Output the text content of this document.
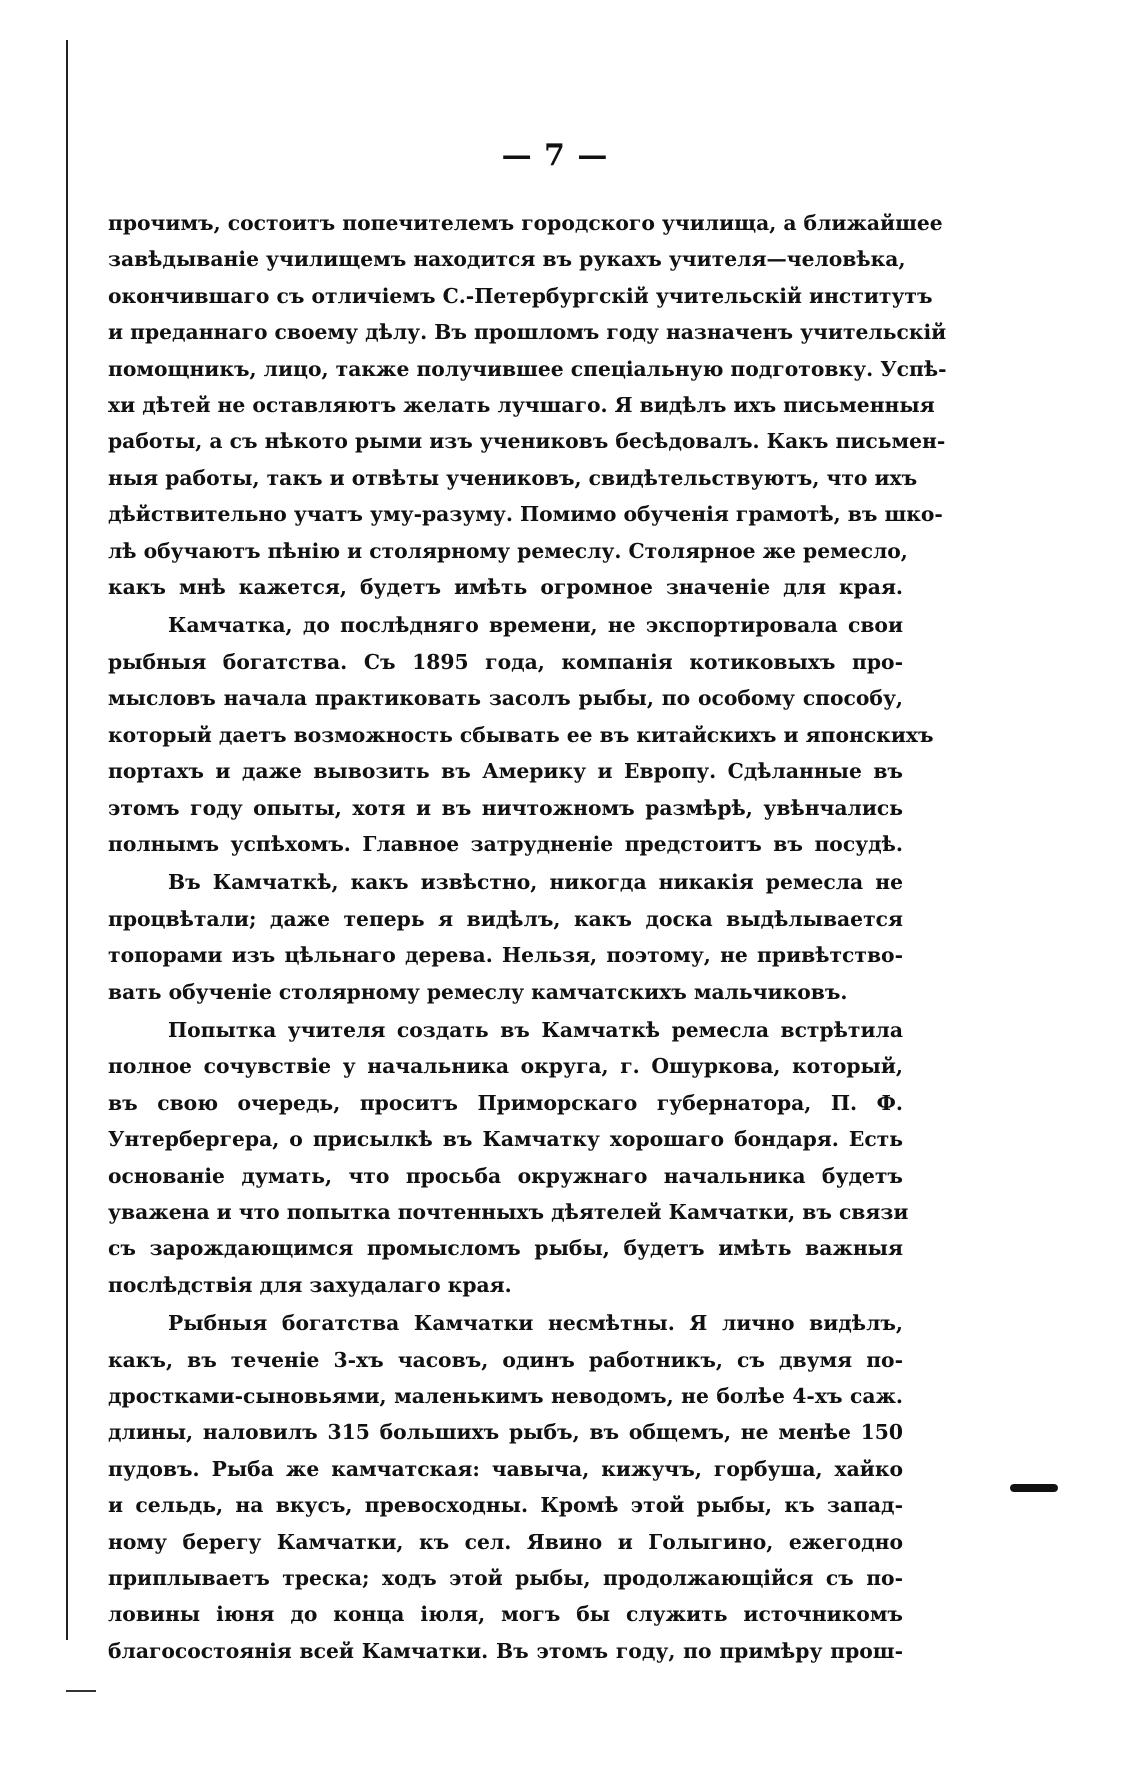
— 7 —
прочимъ, состоитъ попечителемъ городского училища, а ближайшее
завѣдываніе училищемъ находится въ рукахъ учителя—человѣка,
окончившаго съ отличіемъ С.-Петербургскій учительскій институтъ
и преданнаго своему дѣлу. Въ прошломъ году назначенъ учительскій
помощникъ, лицо, также получившее спеціальную подготовку. Успѣ-
хи дѣтей не оставляютъ желать лучшаго. Я видѣлъ ихъ письменныя
работы, а съ нѣкото рыми изъ учениковъ бесѣдовалъ. Какъ письмен-
ныя работы, такъ и отвѣты учениковъ, свидѣтельствуютъ, что ихъ
дѣйствительно учатъ уму-разуму. Помимо обученія грамотѣ, въ шко-
лѣ обучаютъ пѣнію и столярному ремеслу. Столярное же ремесло,
какъ мнѣ кажется, будетъ имѣть огромное значеніе для края.
Камчатка, до послѣдняго времени, не экспортировала свои
рыбныя богатства. Съ 1895 года, компанія котиковыхъ про-
мысловъ начала практиковать засолъ рыбы, по особому способу,
который даетъ возможность сбывать ее въ китайскихъ и японскихъ
портахъ и даже вывозить въ Америку и Европу. Сдѣланные въ
этомъ году опыты, хотя и въ ничтожномъ размѣрѣ, увѣнчались
полнымъ успѣхомъ. Главное затрудненіе предстоитъ въ посудѣ.
Въ Камчаткѣ, какъ извѣстно, никогда никакія ремесла не
процвѣтали; даже теперь я видѣлъ, какъ доска выдѣлывается
топорами изъ цѣльнаго дерева. Нельзя, поэтому, не привѣтство-
вать обученіе столярному ремеслу камчатскихъ мальчиковъ.
Попытка учителя создать въ Камчаткѣ ремесла встрѣтила
полное сочувствіе у начальника округа, г. Ошуркова, который,
въ свою очередь, проситъ Приморскаго губернатора, П. Ф.
Унтербергера, о присылкѣ въ Камчатку хорошаго бондаря. Есть
основаніе думать, что просьба окружнаго начальника будетъ
уважена и что попытка почтенныхъ дѣятелей Камчатки, въ связи
съ зарождающимся промысломъ рыбы, будетъ имѣть важныя
послѣдствія для захудалаго края.
Рыбныя богатства Камчатки несмѣтны. Я лично видѣлъ,
какъ, въ теченіе 3-хъ часовъ, одинъ работникъ, съ двумя по-
дростками-сыновьями, маленькимъ неводомъ, не болѣе 4-хъ саж.
длины, наловилъ 315 большихъ рыбъ, въ общемъ, не менѣе 150
пудовъ. Рыба же камчатская: чавыча, кижучъ, горбуша, хайко
и сельдь, на вкусъ, превосходны. Кромѣ этой рыбы, къ запад-
ному берегу Камчатки, къ сел. Явино и Голыгино, ежегодно
приплываетъ треска; ходъ этой рыбы, продолжающійся съ по-
ловины іюня до конца іюля, могъ бы служить источникомъ
благосостоянія всей Камчатки. Въ этомъ году, по примѣру прош-
